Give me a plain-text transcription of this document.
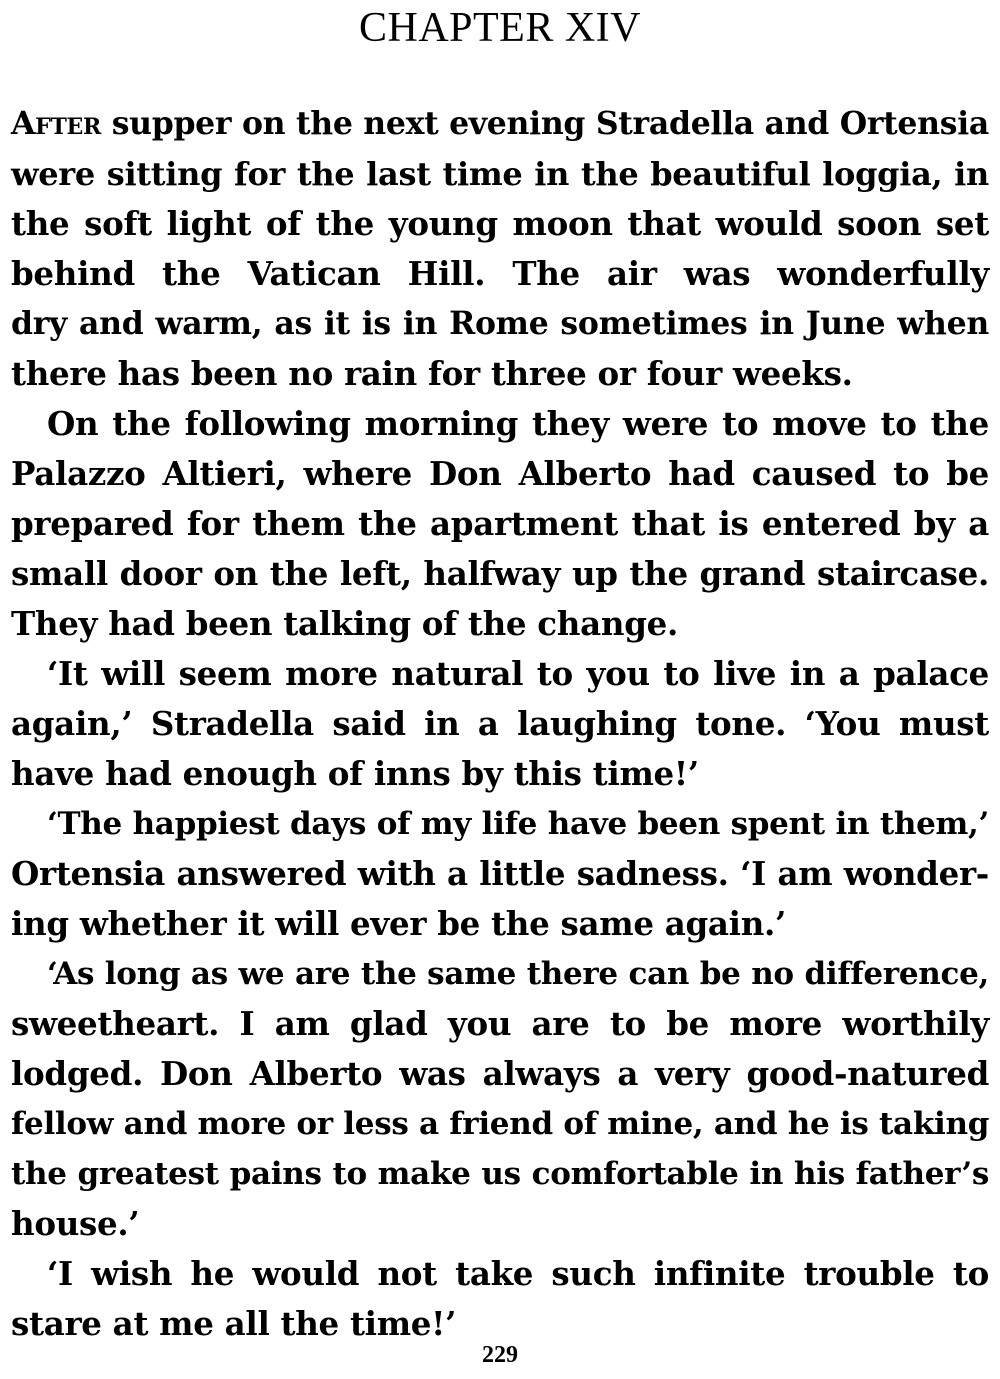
CHAPTER XIV
After supper on the next evening Stradella and Ortensia
were sitting for the last time in the beautiful loggia, in
the soft light of the young moon that would soon set
behind the Vatican Hill. The air was wonderfully
dry and warm, as it is in Rome sometimes in June when
there has been no rain for three or four weeks.
On the following morning they were to move to the
Palazzo Altieri, where Don Alberto had caused to be
prepared for them the apartment that is entered by a
small door on the left, halfway up the grand staircase.
They had been talking of the change.
‘It will seem more natural to you to live in a palace
again,’ Stradella said in a laughing tone. ‘You must
have had enough of inns by this time!’
‘The happiest days of my life have been spent in them,’
Ortensia answered with a little sadness. ‘I am wonder-
ing whether it will ever be the same again.’
‘As long as we are the same there can be no difference,
sweetheart. I am glad you are to be more worthily
lodged. Don Alberto was always a very good-natured
fellow and more or less a friend of mine, and he is taking
the greatest pains to make us comfortable in his father’s
house.’
‘I wish he would not take such infinite trouble to
stare at me all the time!’
229
